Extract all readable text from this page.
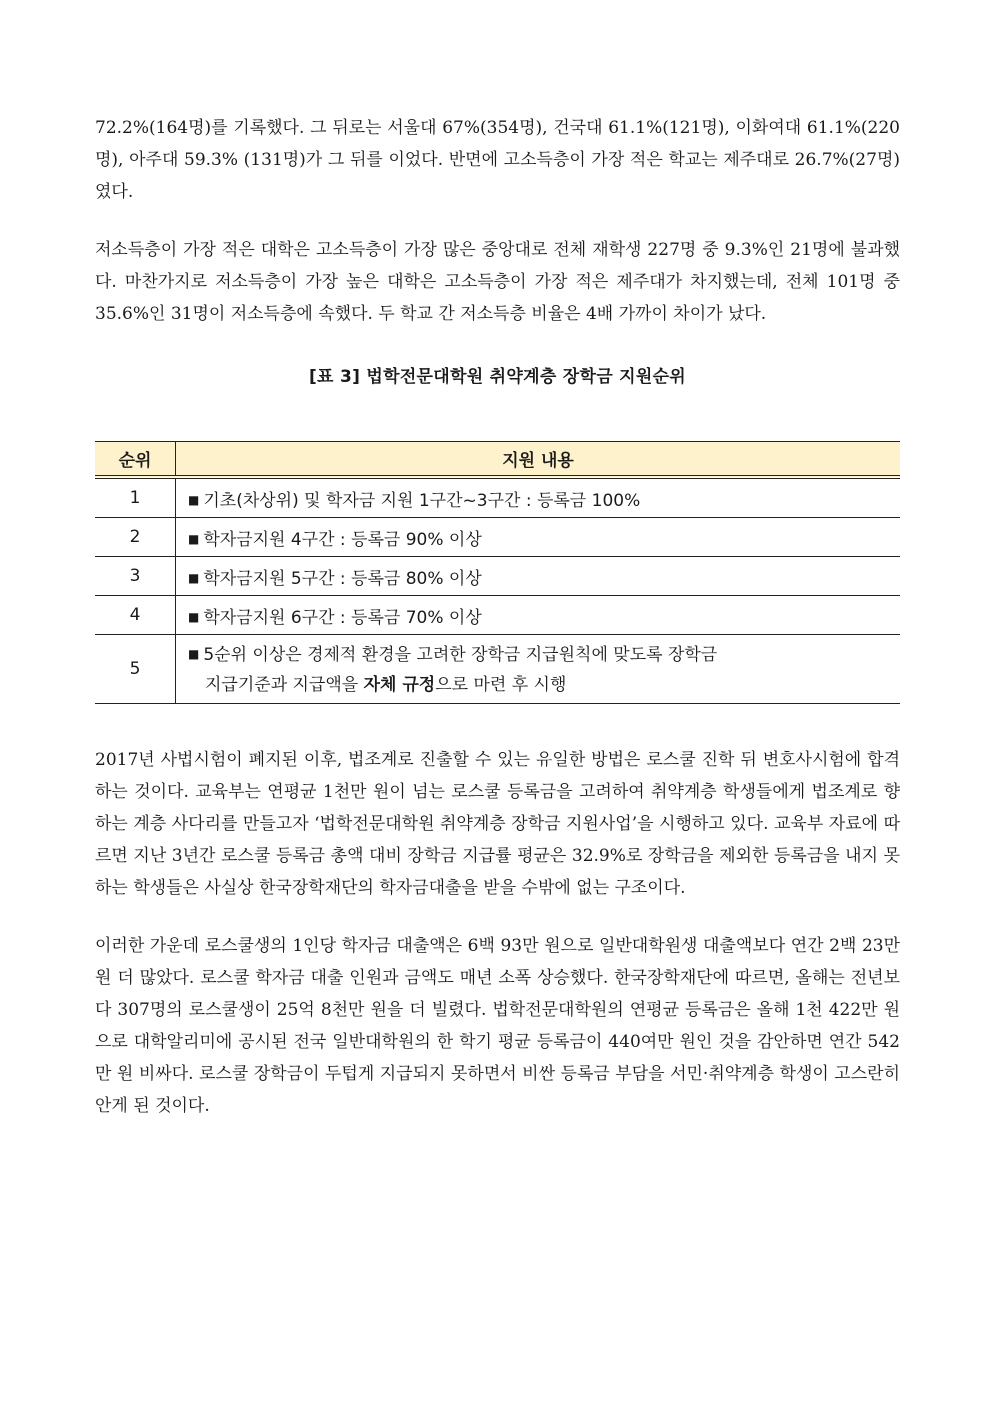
72.2%(164명)를 기록했다. 그 뒤로는 서울대 67%(354명), 건국대 61.1%(121명), 이화여대 61.1%(220명), 아주대 59.3% (131명)가 그 뒤를 이었다. 반면에 고소득층이 가장 적은 학교는 제주대로 26.7%(27명)였다.

저소득층이 가장 적은 대학은 고소득층이 가장 많은 중앙대로 전체 재학생 227명 중 9.3%인 21명에 불과했다. 마찬가지로 저소득층이 가장 높은 대학은 고소득층이 가장 적은 제주대가 차지했는데, 전체 101명 중 35.6%인 31명이 저소득층에 속했다. 두 학교 간 저소득층 비율은 4배 가까이 차이가 났다.

[표 3] 법학전문대학원 취약계층 장학금 지원순위

순위	지원 내용
1	■ 기초(차상위) 및 학자금 지원 1구간~3구간 : 등록금 100%
2	■ 학자금지원 4구간 : 등록금 90% 이상
3	■ 학자금지원 5구간 : 등록금 80% 이상
4	■ 학자금지원 6구간 : 등록금 70% 이상
5	■ 5순위 이상은 경제적 환경을 고려한 장학금 지급원칙에 맞도록 장학금
지급기준과 지급액을 자체 규정으로 마련 후 시행

2017년 사법시험이 폐지된 이후, 법조계로 진출할 수 있는 유일한 방법은 로스쿨 진학 뒤 변호사시험에 합격하는 것이다. 교육부는 연평균 1천만 원이 넘는 로스쿨 등록금을 고려하여 취약계층 학생들에게 법조계로 향하는 계층 사다리를 만들고자 ‘법학전문대학원 취약계층 장학금 지원사업’을 시행하고 있다. 교육부 자료에 따르면 지난 3년간 로스쿨 등록금 총액 대비 장학금 지급률 평균은 32.9%로 장학금을 제외한 등록금을 내지 못하는 학생들은 사실상 한국장학재단의 학자금대출을 받을 수밖에 없는 구조이다.

이러한 가운데 로스쿨생의 1인당 학자금 대출액은 6백 93만 원으로 일반대학원생 대출액보다 연간 2백 23만 원 더 많았다. 로스쿨 학자금 대출 인원과 금액도 매년 소폭 상승했다. 한국장학재단에 따르면, 올해는 전년보다 307명의 로스쿨생이 25억 8천만 원을 더 빌렸다. 법학전문대학원의 연평균 등록금은 올해 1천 422만 원으로 대학알리미에 공시된 전국 일반대학원의 한 학기 평균 등록금이 440여만 원인 것을 감안하면 연간 542만 원 비싸다. 로스쿨 장학금이 두텁게 지급되지 못하면서 비싼 등록금 부담을 서민·취약계층 학생이 고스란히 안게 된 것이다.
